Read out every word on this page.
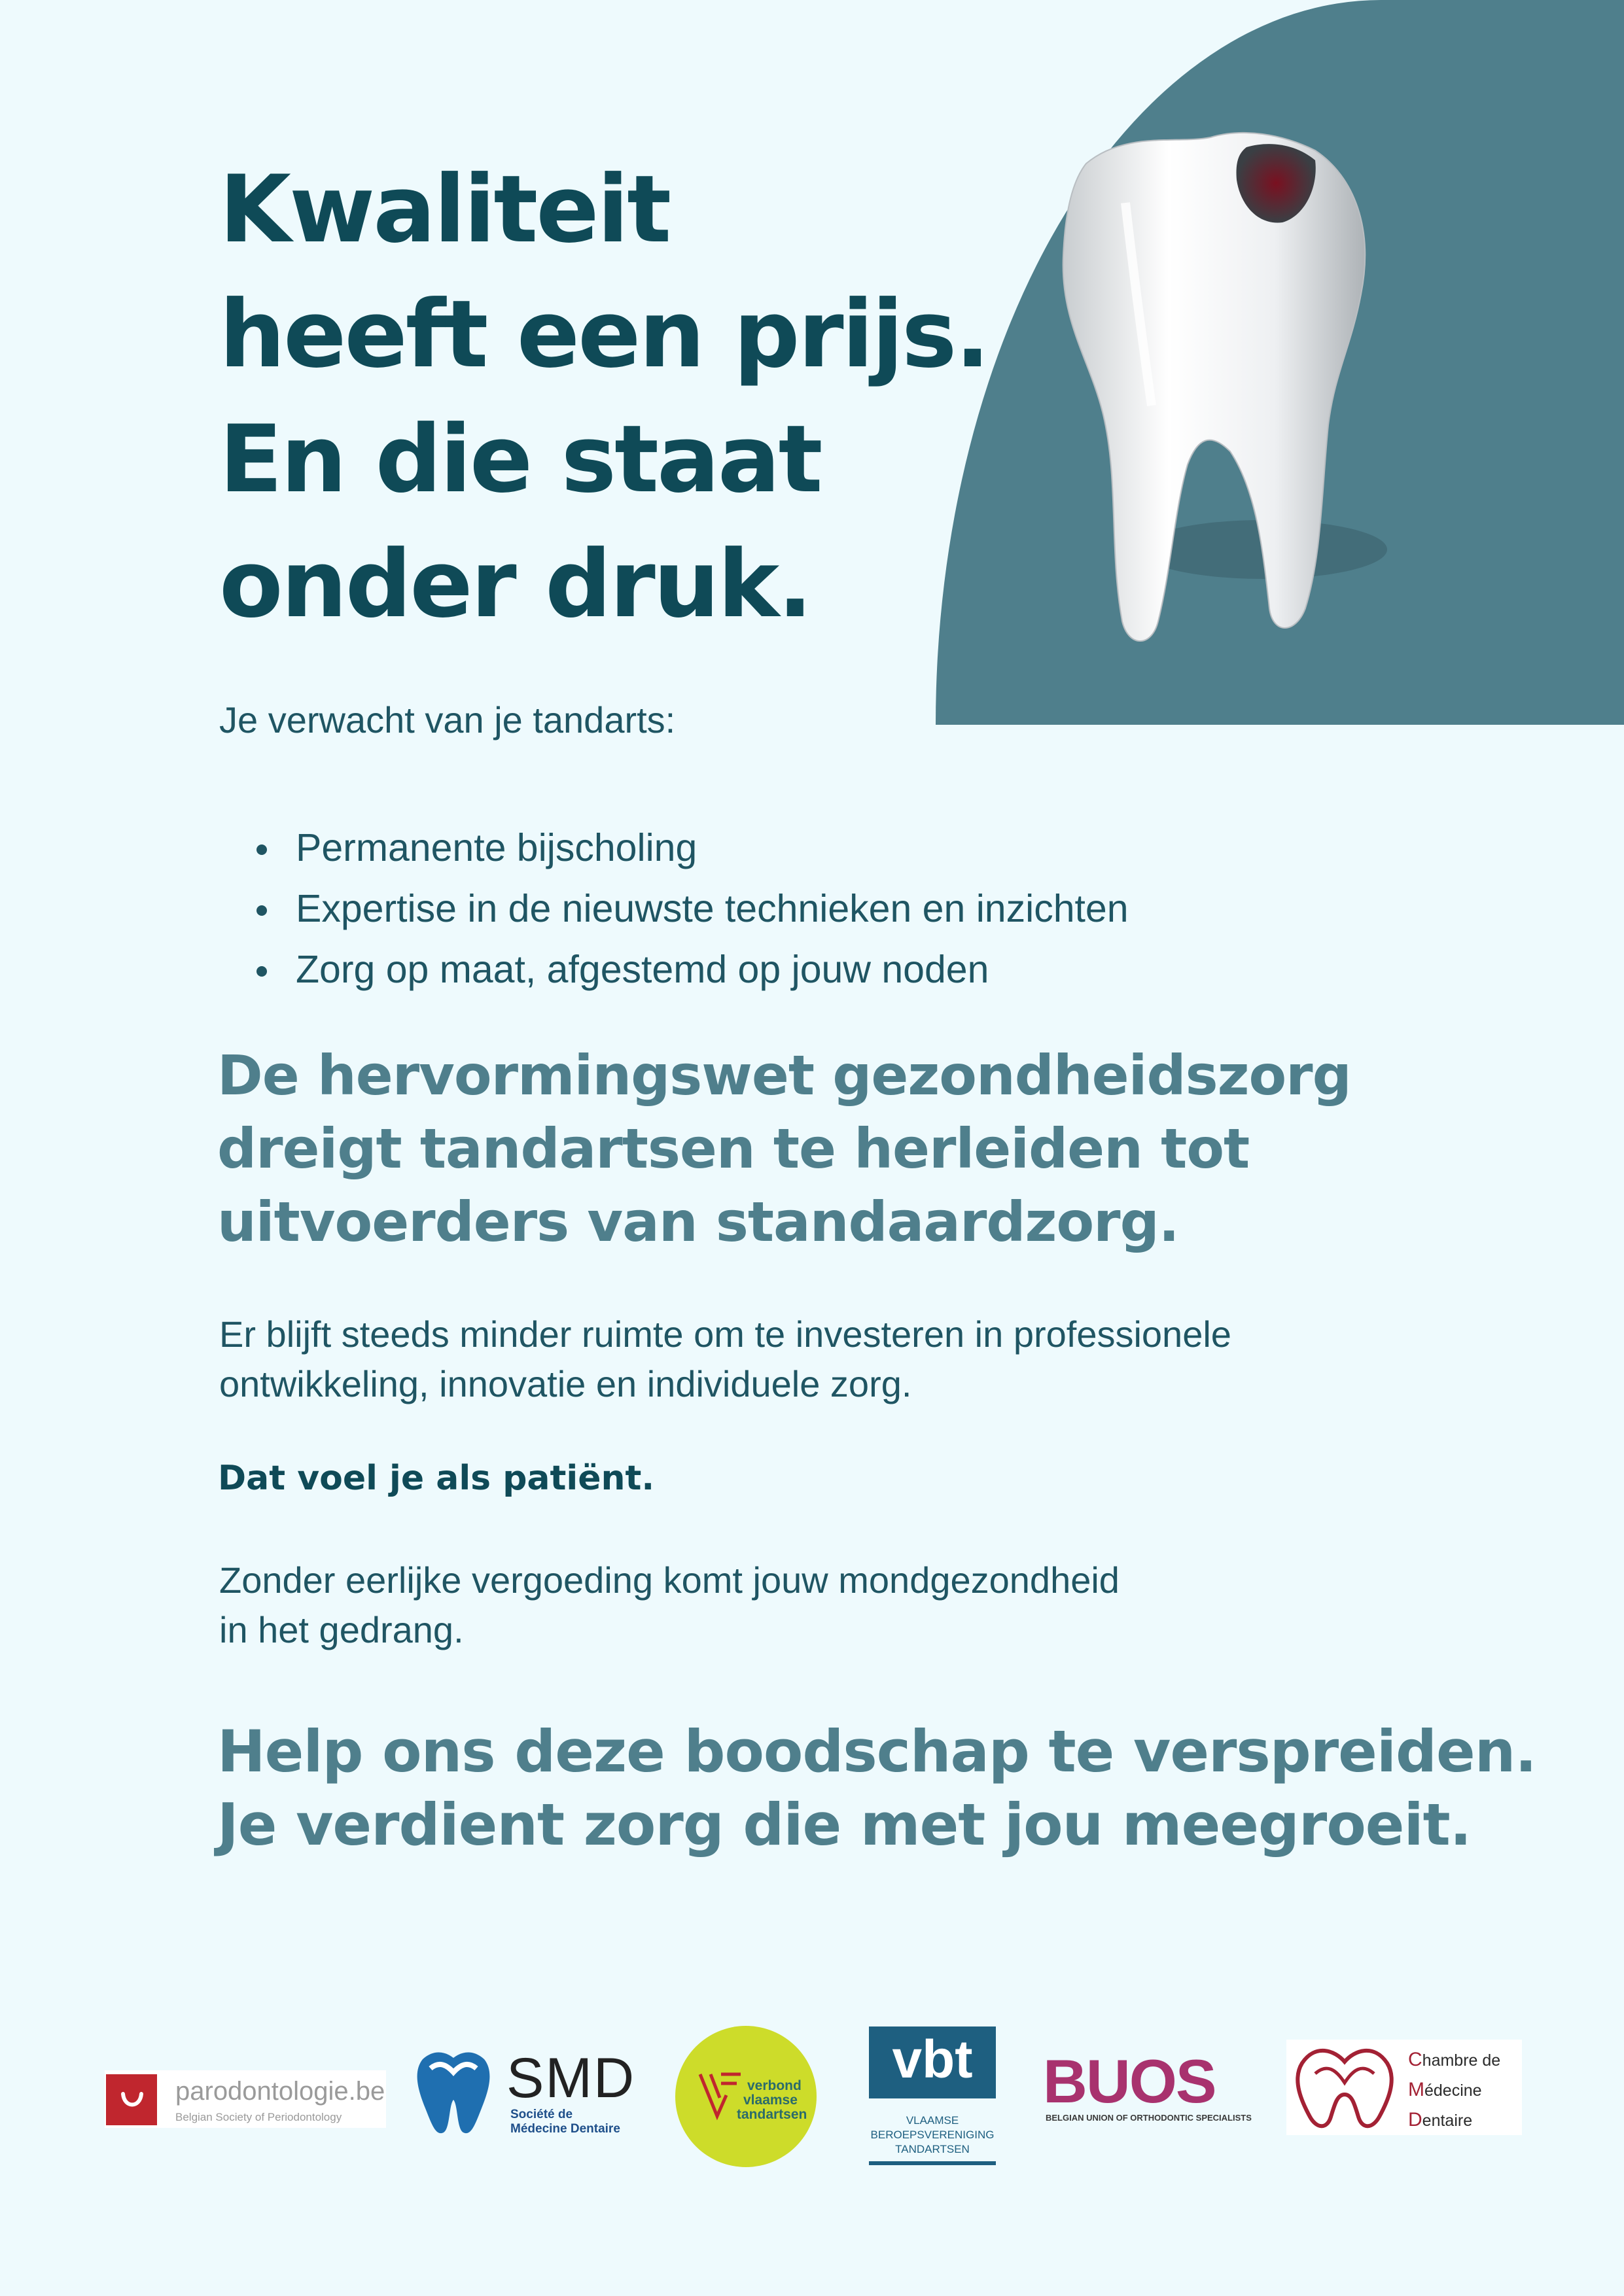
Kwaliteit
heeft een prijs.
En die staat
onder druk.
Je verwacht van je tandarts:
Permanente bijscholing
Expertise in de nieuwste technieken en inzichten
Zorg op maat, afgestemd op jouw noden
De hervormingswet gezondheidszorg
dreigt tandartsen te herleiden tot
uitvoerders van standaardzorg.

Er blijft steeds minder ruimte om te investeren in professionele
ontwikkeling, innovatie en individuele zorg.

Dat voel je als patiënt.

Zonder eerlijke vergoeding komt jouw mondgezondheid
in het gedrang.

Help ons deze boodschap te verspreiden.
Je verdient zorg die met jou meegroeit.
parodontologie.be
Belgian Society of Periodontology
SMD
Société de
Médecine Dentaire
verbond
vlaamse
tandartsen
vbt
VLAAMSE
BEROEPSVERENIGING
TANDARTSEN
BUOS
BELGIAN UNION OF ORTHODONTIC SPECIALISTS
Chambre de
Médecine
Dentaire
